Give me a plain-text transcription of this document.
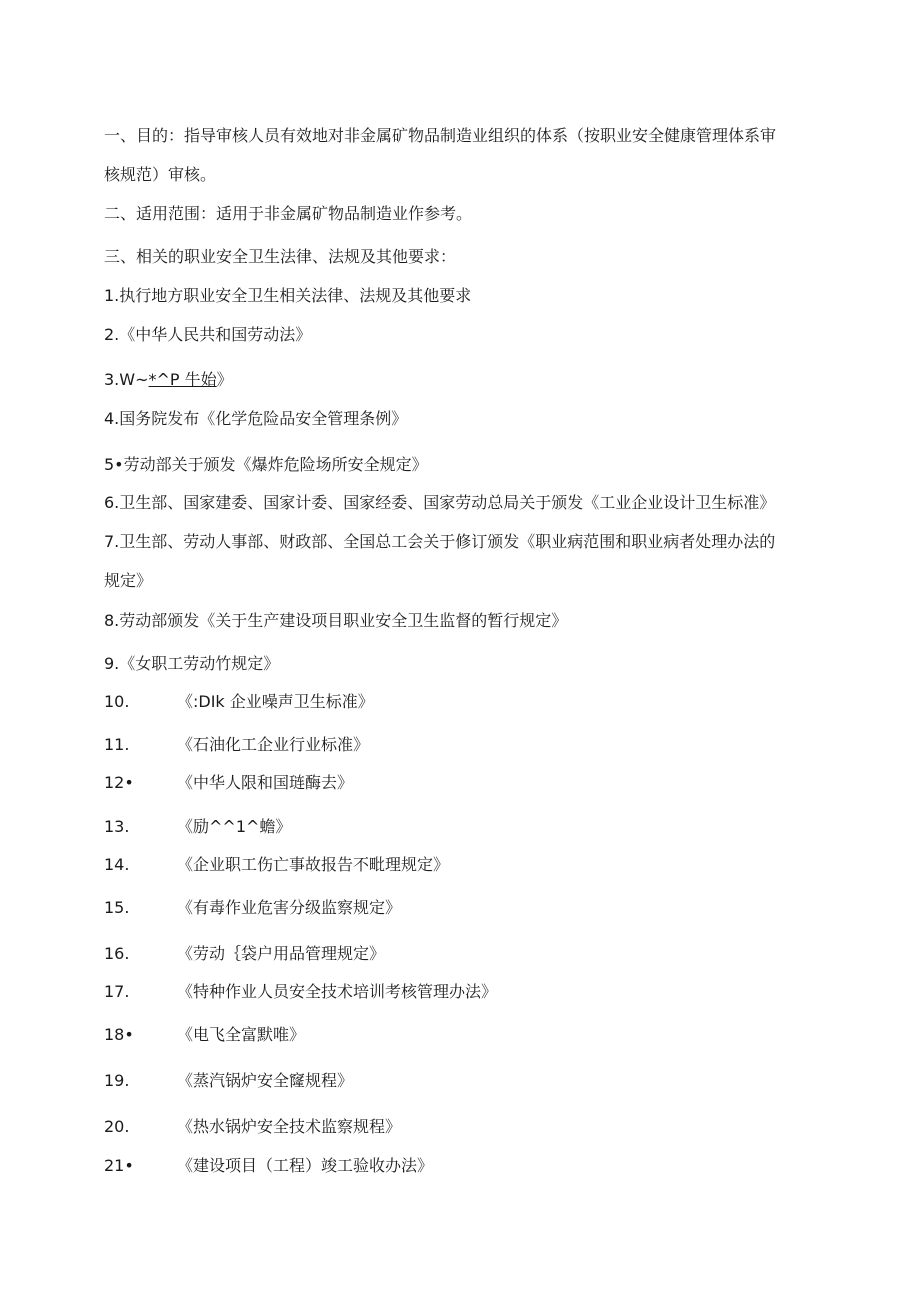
一、目的：指导审核人员有效地对非金属矿物品制造业组织的体系（按职业安全健康管理体系审
核规范）审核。
二、适用范围：适用于非金属矿物品制造业作参考。
三、相关的职业安全卫生法律、法规及其他要求：
1.执行地方职业安全卫生相关法律、法规及其他要求
2.《中华人民共和国劳动法》
3.W~*^P 牛始》
4.国务院发布《化学危险品安全管理条例》
5•劳动部关于颁发《爆炸危险场所安全规定》
6.卫生部、国家建委、国家计委、国家经委、国家劳动总局关于颁发《工业企业设计卫生标准》
7.卫生部、劳动人事部、财政部、全国总工会关于修订颁发《职业病范围和职业病者处理办法的
规定》
8.劳动部颁发《关于生产建设项目职业安全卫生监督的暂行规定》
9.《女职工劳动竹规定》
10.	《:DIk 企业噪声卫生标准》
11.	《石油化工企业行业标准》
12•	《中华人限和国琏酶去》
13.	《励^^1^蟾》
14.	《企业职工伤亡事故报告不毗理规定》
15.	《有毒作业危害分级监察规定》
16.	《劳动｛袋户用品管理规定》
17.	《特种作业人员安全技术培训考核管理办法》
18•	《电飞全富默唯》
19.	《蒸汽锅炉安全窿规程》
20.	《热水锅炉安全技术监察规程》
21•	《建设项目（工程）竣工验收办法》
